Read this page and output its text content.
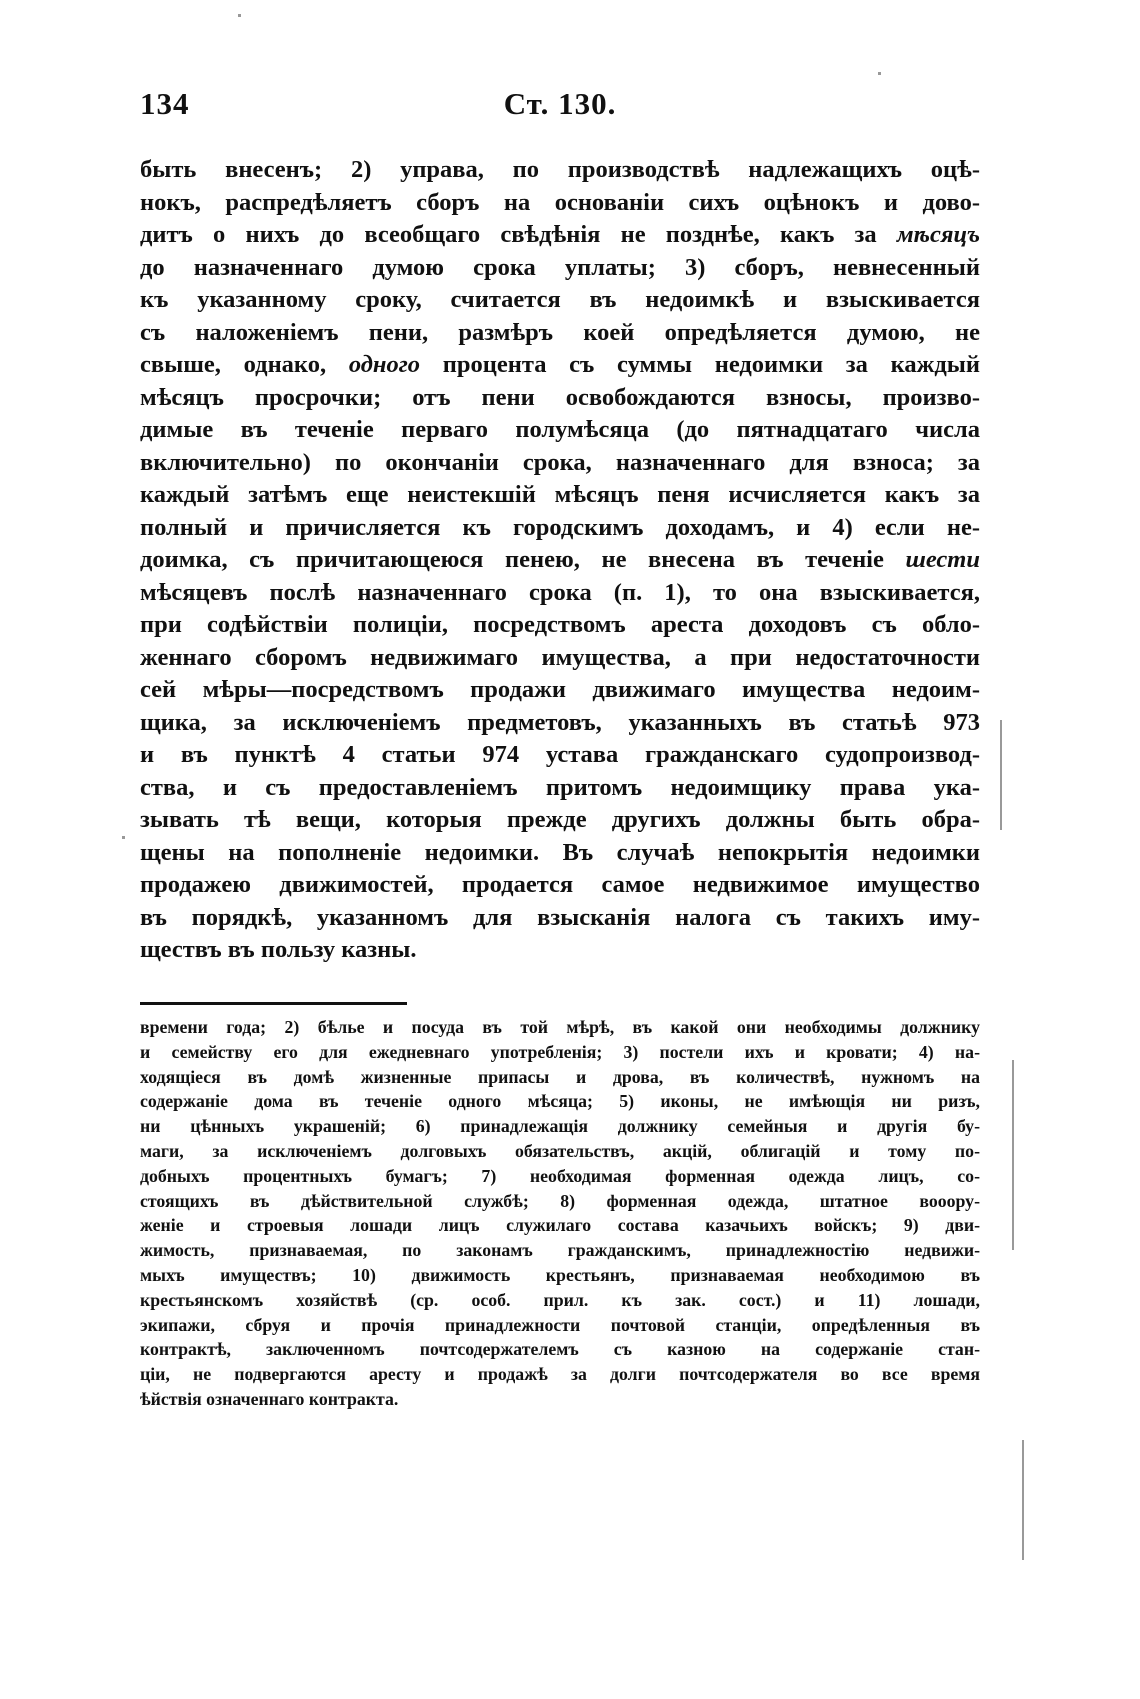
134	Ст. 130.
быть внесенъ; 2) управа, по производствѣ надлежащихъ оцѣ-
нокъ, распредѣляетъ сборъ на основаніи сихъ оцѣнокъ и дово-
дитъ о нихъ до всеобщаго свѣдѣнія не позднѣе, какъ за мѣсяцъ
до назначеннаго думою срока уплаты; 3) сборъ, невнесенный
къ указанному сроку, считается въ недоимкѣ и взыскивается
съ наложеніемъ пени, размѣръ коей опредѣляется думою, не
свыше, однако, одного процента съ суммы недоимки за каждый
мѣсяцъ просрочки; отъ пени освобождаются взносы, произво-
димые въ теченіе перваго полумѣсяца (до пятнадцатаго числа
включительно) по окончаніи срока, назначеннаго для взноса; за
каждый затѣмъ еще неистекшій мѣсяцъ пеня исчисляется какъ за
полный и причисляется къ городскимъ доходамъ, и 4) если не-
доимка, съ причитающеюся пенею, не внесена въ теченіе шести
мѣсяцевъ послѣ назначеннаго срока (п. 1), то она взыскивается,
при содѣйствіи полиціи, посредствомъ ареста доходовъ съ обло-
женнаго сборомъ недвижимаго имущества, а при недостаточности
сей мѣры—посредствомъ продажи движимаго имущества недоим-
щика, за исключеніемъ предметовъ, указанныхъ въ статьѣ 973
и въ пунктѣ 4 статьи 974 устава гражданскаго судопроизвод-
ства, и съ предоставленіемъ притомъ недоимщику права ука-
зывать тѣ вещи, которыя прежде другихъ должны быть обра-
щены на пополненіе недоимки. Въ случаѣ непокрытія недоимки
продажею движимостей, продается самое недвижимое имущество
въ порядкѣ, указанномъ для взысканія налога съ такихъ иму-
ществъ въ пользу казны.
времени года; 2) бѣлье и посуда въ той мѣрѣ, въ какой они необходимы должнику
и семейству его для ежедневнаго употребленія; 3) постели ихъ и кровати; 4) на-
ходящіеся въ домѣ жизненные припасы и дрова, въ количествѣ, нужномъ на
содержаніе дома въ теченіе одного мѣсяца; 5) иконы, не имѣющія ни ризъ,
ни цѣнныхъ украшеній; 6) принадлежащія должнику семейныя и другія бу-
маги, за исключеніемъ долговыхъ обязательствъ, акцій, облигацій и тому по-
добныхъ процентныхъ бумагъ; 7) необходимая форменная одежда лицъ, со-
стоящихъ въ дѣйствительной службѣ; 8) форменная одежда, штатное вооору-
женіе и строевыя лошади лицъ служилаго состава казачьихъ войскъ; 9) дви-
жимость, признаваемая, по законамъ гражданскимъ, принадлежностію недвижи-
мыхъ имуществъ; 10) движимость крестьянъ, признаваемая необходимою въ
крестьянскомъ хозяйствѣ (ср. особ. прил. къ зак. сост.) и 11) лошади,
экипажи, сбруя и прочія принадлежности почтовой станціи, опредѣленныя въ
контрактѣ, заключенномъ почтсодержателемъ съ казною на содержаніе стан-
ціи, не подвергаются аресту и продажѣ за долги почтсодержателя во все время
ѣйствія означеннаго контракта.
